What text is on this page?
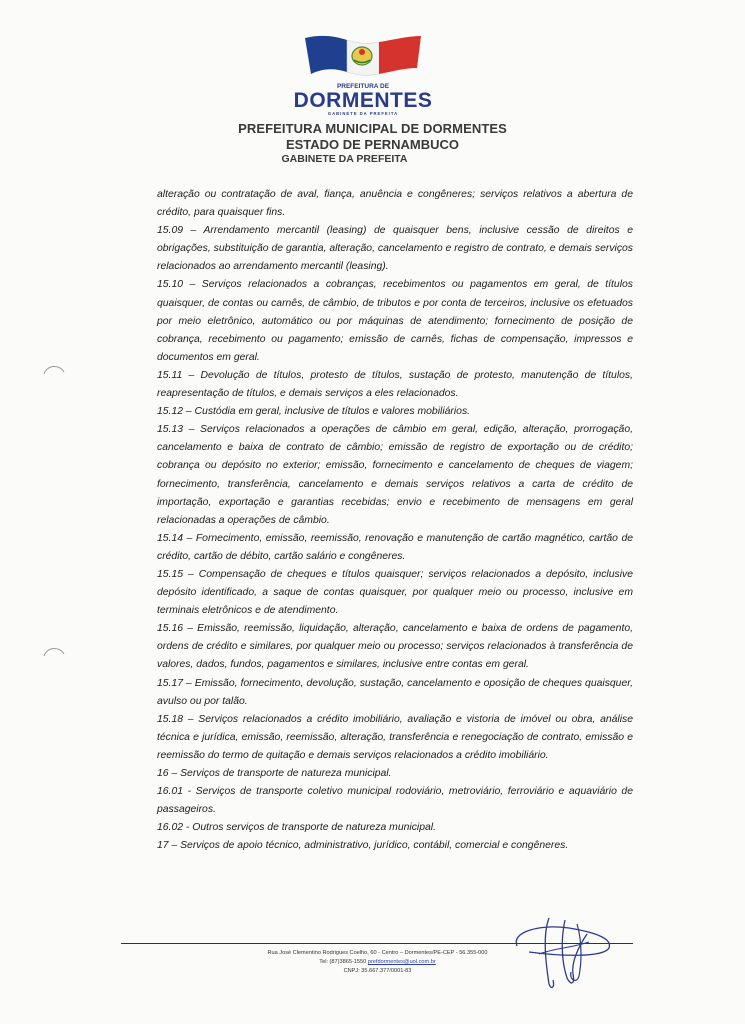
PREFEITURA DE
DORMENTES
GABINETE DA PREFEITA
PREFEITURA MUNICIPAL DE DORMENTES
ESTADO DE PERNAMBUCO
GABINETE DA PREFEITA

alteração ou contratação de aval, fiança, anuência e congêneres; serviços relativos a abertura de crédito, para quaisquer fins.

15.09 – Arrendamento mercantil (leasing) de quaisquer bens, inclusive cessão de direitos e obrigações, substituição de garantia, alteração, cancelamento e registro de contrato, e demais serviços relacionados ao arrendamento mercantil (leasing).

15.10 – Serviços relacionados a cobranças, recebimentos ou pagamentos em geral, de títulos quaisquer, de contas ou carnês, de câmbio, de tributos e por conta de terceiros, inclusive os efetuados por meio eletrônico, automático ou por máquinas de atendimento; fornecimento de posição de cobrança, recebimento ou pagamento; emissão de carnês, fichas de compensação, impressos e documentos em geral.

15.11 – Devolução de títulos, protesto de títulos, sustação de protesto, manutenção de títulos, reapresentação de títulos, e demais serviços a eles relacionados.

15.12 – Custódia em geral, inclusive de títulos e valores mobiliários.

15.13 – Serviços relacionados a operações de câmbio em geral, edição, alteração, prorrogação, cancelamento e baixa de contrato de câmbio; emissão de registro de exportação ou de crédito; cobrança ou depósito no exterior; emissão, fornecimento e cancelamento de cheques de viagem; fornecimento, transferência, cancelamento e demais serviços relativos a carta de crédito de importação, exportação e garantias recebidas; envio e recebimento de mensagens em geral relacionadas a operações de câmbio.

15.14 – Fornecimento, emissão, reemissão, renovação e manutenção de cartão magnético, cartão de crédito, cartão de débito, cartão salário e congêneres.

15.15 – Compensação de cheques e títulos quaisquer; serviços relacionados a depósito, inclusive depósito identificado, a saque de contas quaisquer, por qualquer meio ou processo, inclusive em terminais eletrônicos e de atendimento.

15.16 – Emissão, reemissão, liquidação, alteração, cancelamento e baixa de ordens de pagamento, ordens de crédito e similares, por qualquer meio ou processo; serviços relacionados à transferência de valores, dados, fundos, pagamentos e similares, inclusive entre contas em geral.

15.17 – Emissão, fornecimento, devolução, sustação, cancelamento e oposição de cheques quaisquer, avulso ou por talão.

15.18 – Serviços relacionados a crédito imobiliário, avaliação e vistoria de imóvel ou obra, análise técnica e jurídica, emissão, reemissão, alteração, transferência e renegociação de contrato, emissão e reemissão do termo de quitação e demais serviços relacionados a crédito imobiliário.

16 – Serviços de transporte de natureza municipal.

16.01 - Serviços de transporte coletivo municipal rodoviário, metroviário, ferroviário e aquaviário de passageiros.

16.02 - Outros serviços de transporte de natureza municipal.

17 – Serviços de apoio técnico, administrativo, jurídico, contábil, comercial e congêneres.

Rua José Clementino Rodrigues Coelho, 60 - Centro – Dormentes/PE-CEP - 56.355-000
Tel: (87)3865-1550 prefdormentes@uol.com.br
CNPJ: 35.667.377/0001-83
